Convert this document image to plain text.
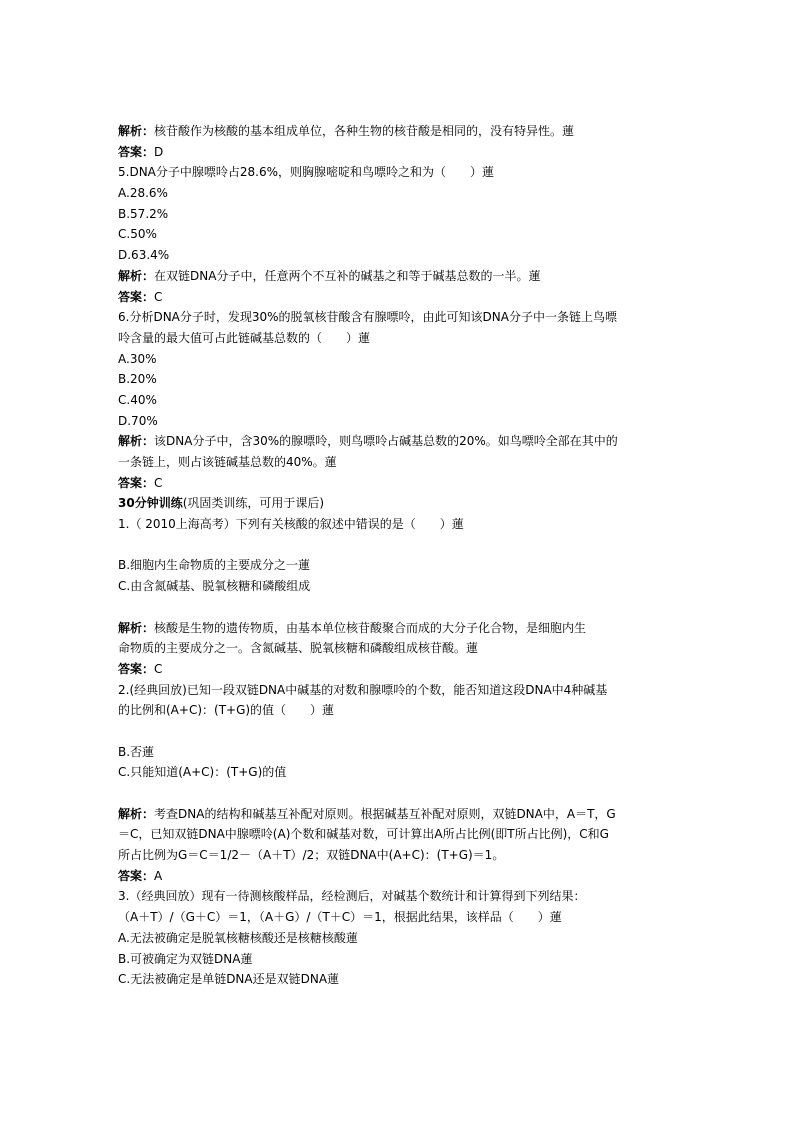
解析：核苷酸作为核酸的基本组成单位，各种生物的核苷酸是相同的，没有特异性。蓮
答案：D
5.DNA分子中腺嘌呤占28.6%，则胸腺嘧啶和鸟嘌呤之和为（　　）蓮
A.28.6%
B.57.2%
C.50%
D.63.4%
解析：在双链DNA分子中，任意两个不互补的碱基之和等于碱基总数的一半。蓮
答案：C
6.分析DNA分子时，发现30%的脱氧核苷酸含有腺嘌呤，由此可知该DNA分子中一条链上鸟嘌
呤含量的最大值可占此链碱基总数的（　　）蓮
A.30%
B.20%
C.40%
D.70%
解析：该DNA分子中，含30%的腺嘌呤，则鸟嘌呤占碱基总数的20%。如鸟嘌呤全部在其中的
一条链上，则占该链碱基总数的40%。蓮
答案：C
30分钟训练(巩固类训练，可用于课后)
1.（ 2010上海高考）下列有关核酸的叙述中错误的是（　　）蓮
B.细胞内生命物质的主要成分之一蓮
C.由含氮碱基、脱氧核糖和磷酸组成
解析：核酸是生物的遗传物质，由基本单位核苷酸聚合而成的大分子化合物，是细胞内生
命物质的主要成分之一。含氮碱基、脱氧核糖和磷酸组成核苷酸。蓮
答案：C
2.(经典回放)已知一段双链DNA中碱基的对数和腺嘌呤的个数，能否知道这段DNA中4种碱基
的比例和(A+C)：(T+G)的值（　　）蓮
B.否蓮
C.只能知道(A+C)：(T+G)的值
解析：考查DNA的结构和碱基互补配对原则。根据碱基互补配对原则，双链DNA中，A＝T，G
＝C，已知双链DNA中腺嘌呤(A)个数和碱基对数，可计算出A所占比例(即T所占比例)，C和G
所占比例为G＝C＝1/2－（A＋T）/2；双链DNA中(A+C)：(T+G)＝1。
答案：A
3.（经典回放）现有一待测核酸样品，经检测后，对碱基个数统计和计算得到下列结果：
（A＋T）/（G＋C）＝1，（A＋G）/（T＋C）＝1，根据此结果，该样品（　　）蓮
A.无法被确定是脱氧核糖核酸还是核糖核酸蓮
B.可被确定为双链DNA蓮
C.无法被确定是单链DNA还是双链DNA蓮
